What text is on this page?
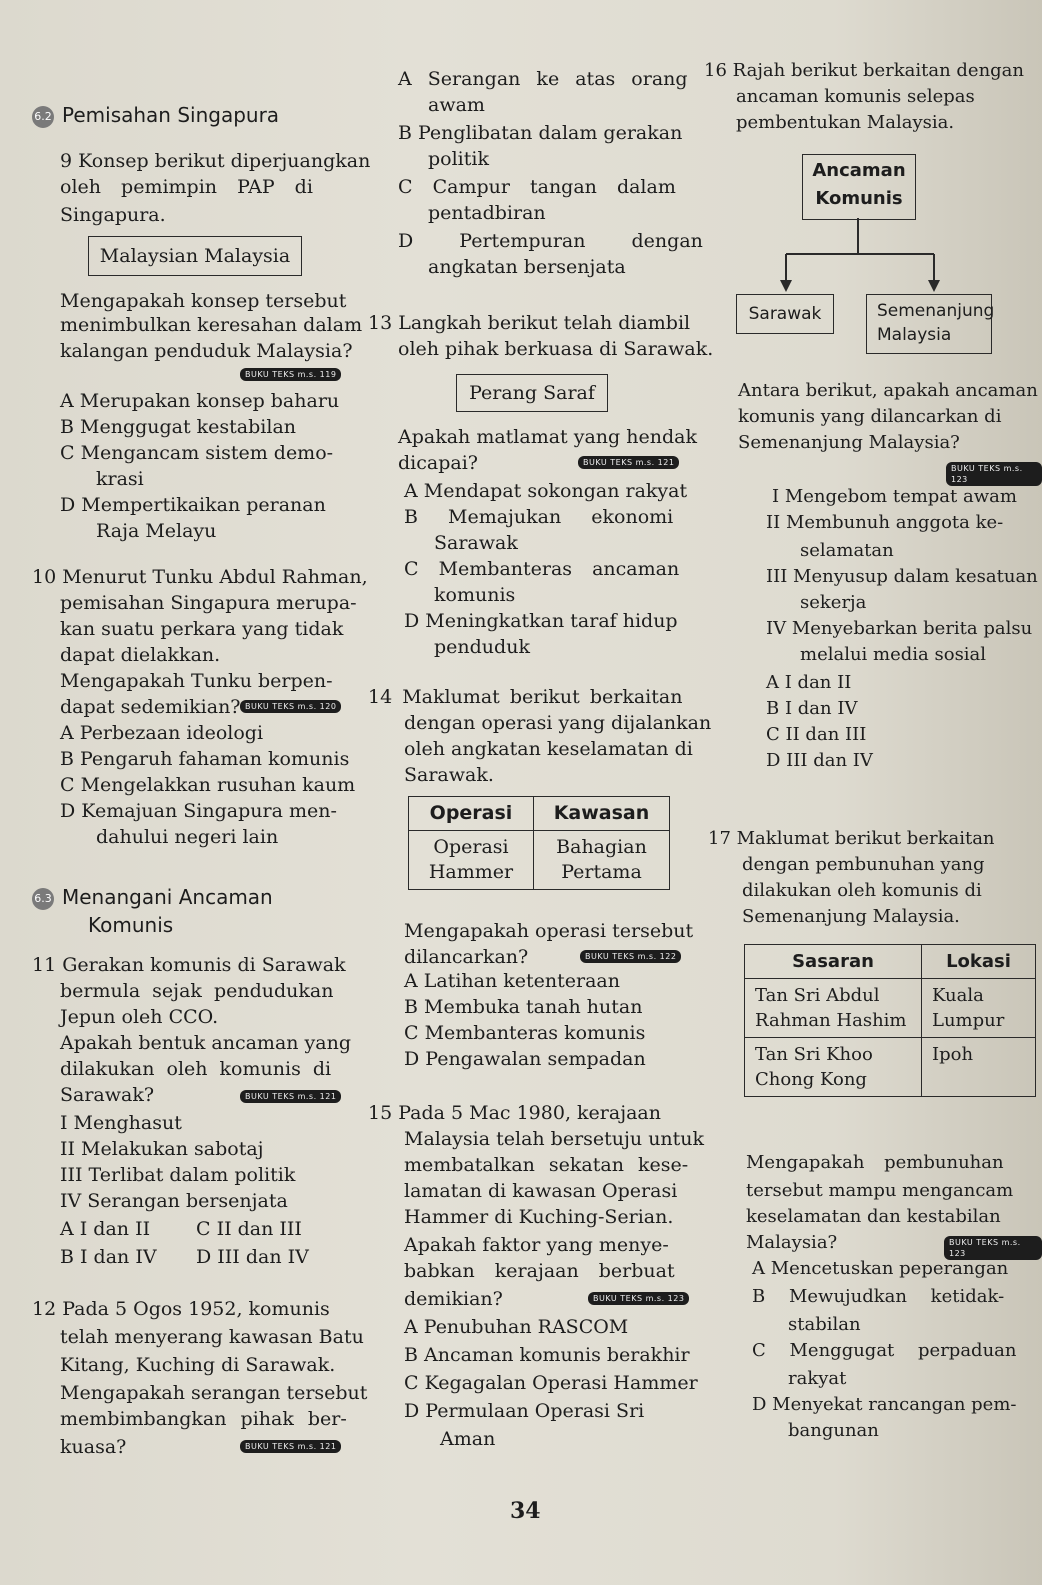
6.2 Pemisahan Singapura
9 Konsep berikut diperjuangkan
oleh pemimpin PAP di
Singapura.
Malaysian Malaysia
Mengapakah konsep tersebut
menimbulkan keresahan dalam
kalangan penduduk Malaysia?
BUKU TEKS m.s. 119
A Merupakan konsep baharu
B Menggugat kestabilan
C Mengancam sistem demo-
krasi
D Mempertikaikan peranan
Raja Melayu
10 Menurut Tunku Abdul Rahman,
pemisahan Singapura merupa-
kan suatu perkara yang tidak
dapat dielakkan.
Mengapakah Tunku berpen-
dapat sedemikian? BUKU TEKS m.s. 120
A Perbezaan ideologi
B Pengaruh fahaman komunis
C Mengelakkan rusuhan kaum
D Kemajuan Singapura men-
dahului negeri lain
6.3 Menangani Ancaman
Komunis
11 Gerakan komunis di Sarawak
bermula sejak pendudukan
Jepun oleh CCO.
Apakah bentuk ancaman yang
dilakukan oleh komunis di
Sarawak?	BUKU TEKS m.s. 121
I Menghasut
II Melakukan sabotaj
III Terlibat dalam politik
IV Serangan bersenjata
A I dan II C II dan III
B I dan IV D III dan IV
12 Pada 5 Ogos 1952, komunis
telah menyerang kawasan Batu
Kitang, Kuching di Sarawak.
Mengapakah serangan tersebut
membimbangkan pihak ber-
kuasa?	BUKU TEKS m.s. 121
A Serangan ke atas orang
awam
B Penglibatan dalam gerakan
politik
C Campur tangan dalam
pentadbiran
D Pertempuran dengan
angkatan bersenjata
13 Langkah berikut telah diambil
oleh pihak berkuasa di Sarawak.
Perang Saraf
Apakah matlamat yang hendak
dicapai?	BUKU TEKS m.s. 121
A Mendapat sokongan rakyat
B Memajukan ekonomi
Sarawak
C Membanteras ancaman
komunis
D Meningkatkan taraf hidup
penduduk
14 Maklumat berikut berkaitan
dengan operasi yang dijalankan
oleh angkatan keselamatan di
Sarawak.
Operasi	Kawasan
Operasi Hammer	Bahagian Pertama
Mengapakah operasi tersebut
dilancarkan?	BUKU TEKS m.s. 122
A Latihan ketenteraan
B Membuka tanah hutan
C Membanteras komunis
D Pengawalan sempadan
15 Pada 5 Mac 1980, kerajaan
Malaysia telah bersetuju untuk
membatalkan sekatan kese-
lamatan di kawasan Operasi
Hammer di Kuching-Serian.
Apakah faktor yang menye-
babkan kerajaan berbuat
demikian?	BUKU TEKS m.s. 123
A Penubuhan RASCOM
B Ancaman komunis berakhir
C Kegagalan Operasi Hammer
D Permulaan Operasi Sri
Aman
16 Rajah berikut berkaitan dengan
ancaman komunis selepas
pembentukan Malaysia.
Ancaman
Komunis
Sarawak	Semenanjung
Malaysia
Antara berikut, apakah ancaman
komunis yang dilancarkan di
Semenanjung Malaysia?
BUKU TEKS m.s. 123
I Mengebom tempat awam
II Membunuh anggota ke-
selamatan
III Menyusup dalam kesatuan
sekerja
IV Menyebarkan berita palsu
melalui media sosial
A I dan II
B I dan IV
C II dan III
D III dan IV
17 Maklumat berikut berkaitan
dengan pembunuhan yang
dilakukan oleh komunis di
Semenanjung Malaysia.
Sasaran	Lokasi
Tan Sri Abdul Rahman Hashim	Kuala Lumpur
Tan Sri Khoo Chong Kong	Ipoh
Mengapakah pembunuhan
tersebut mampu mengancam
keselamatan dan kestabilan
Malaysia?	BUKU TEKS m.s. 123
A Mencetuskan peperangan
B Mewujudkan ketidak-
stabilan
C Menggugat perpaduan
rakyat
D Menyekat rancangan pem-
bangunan
34
